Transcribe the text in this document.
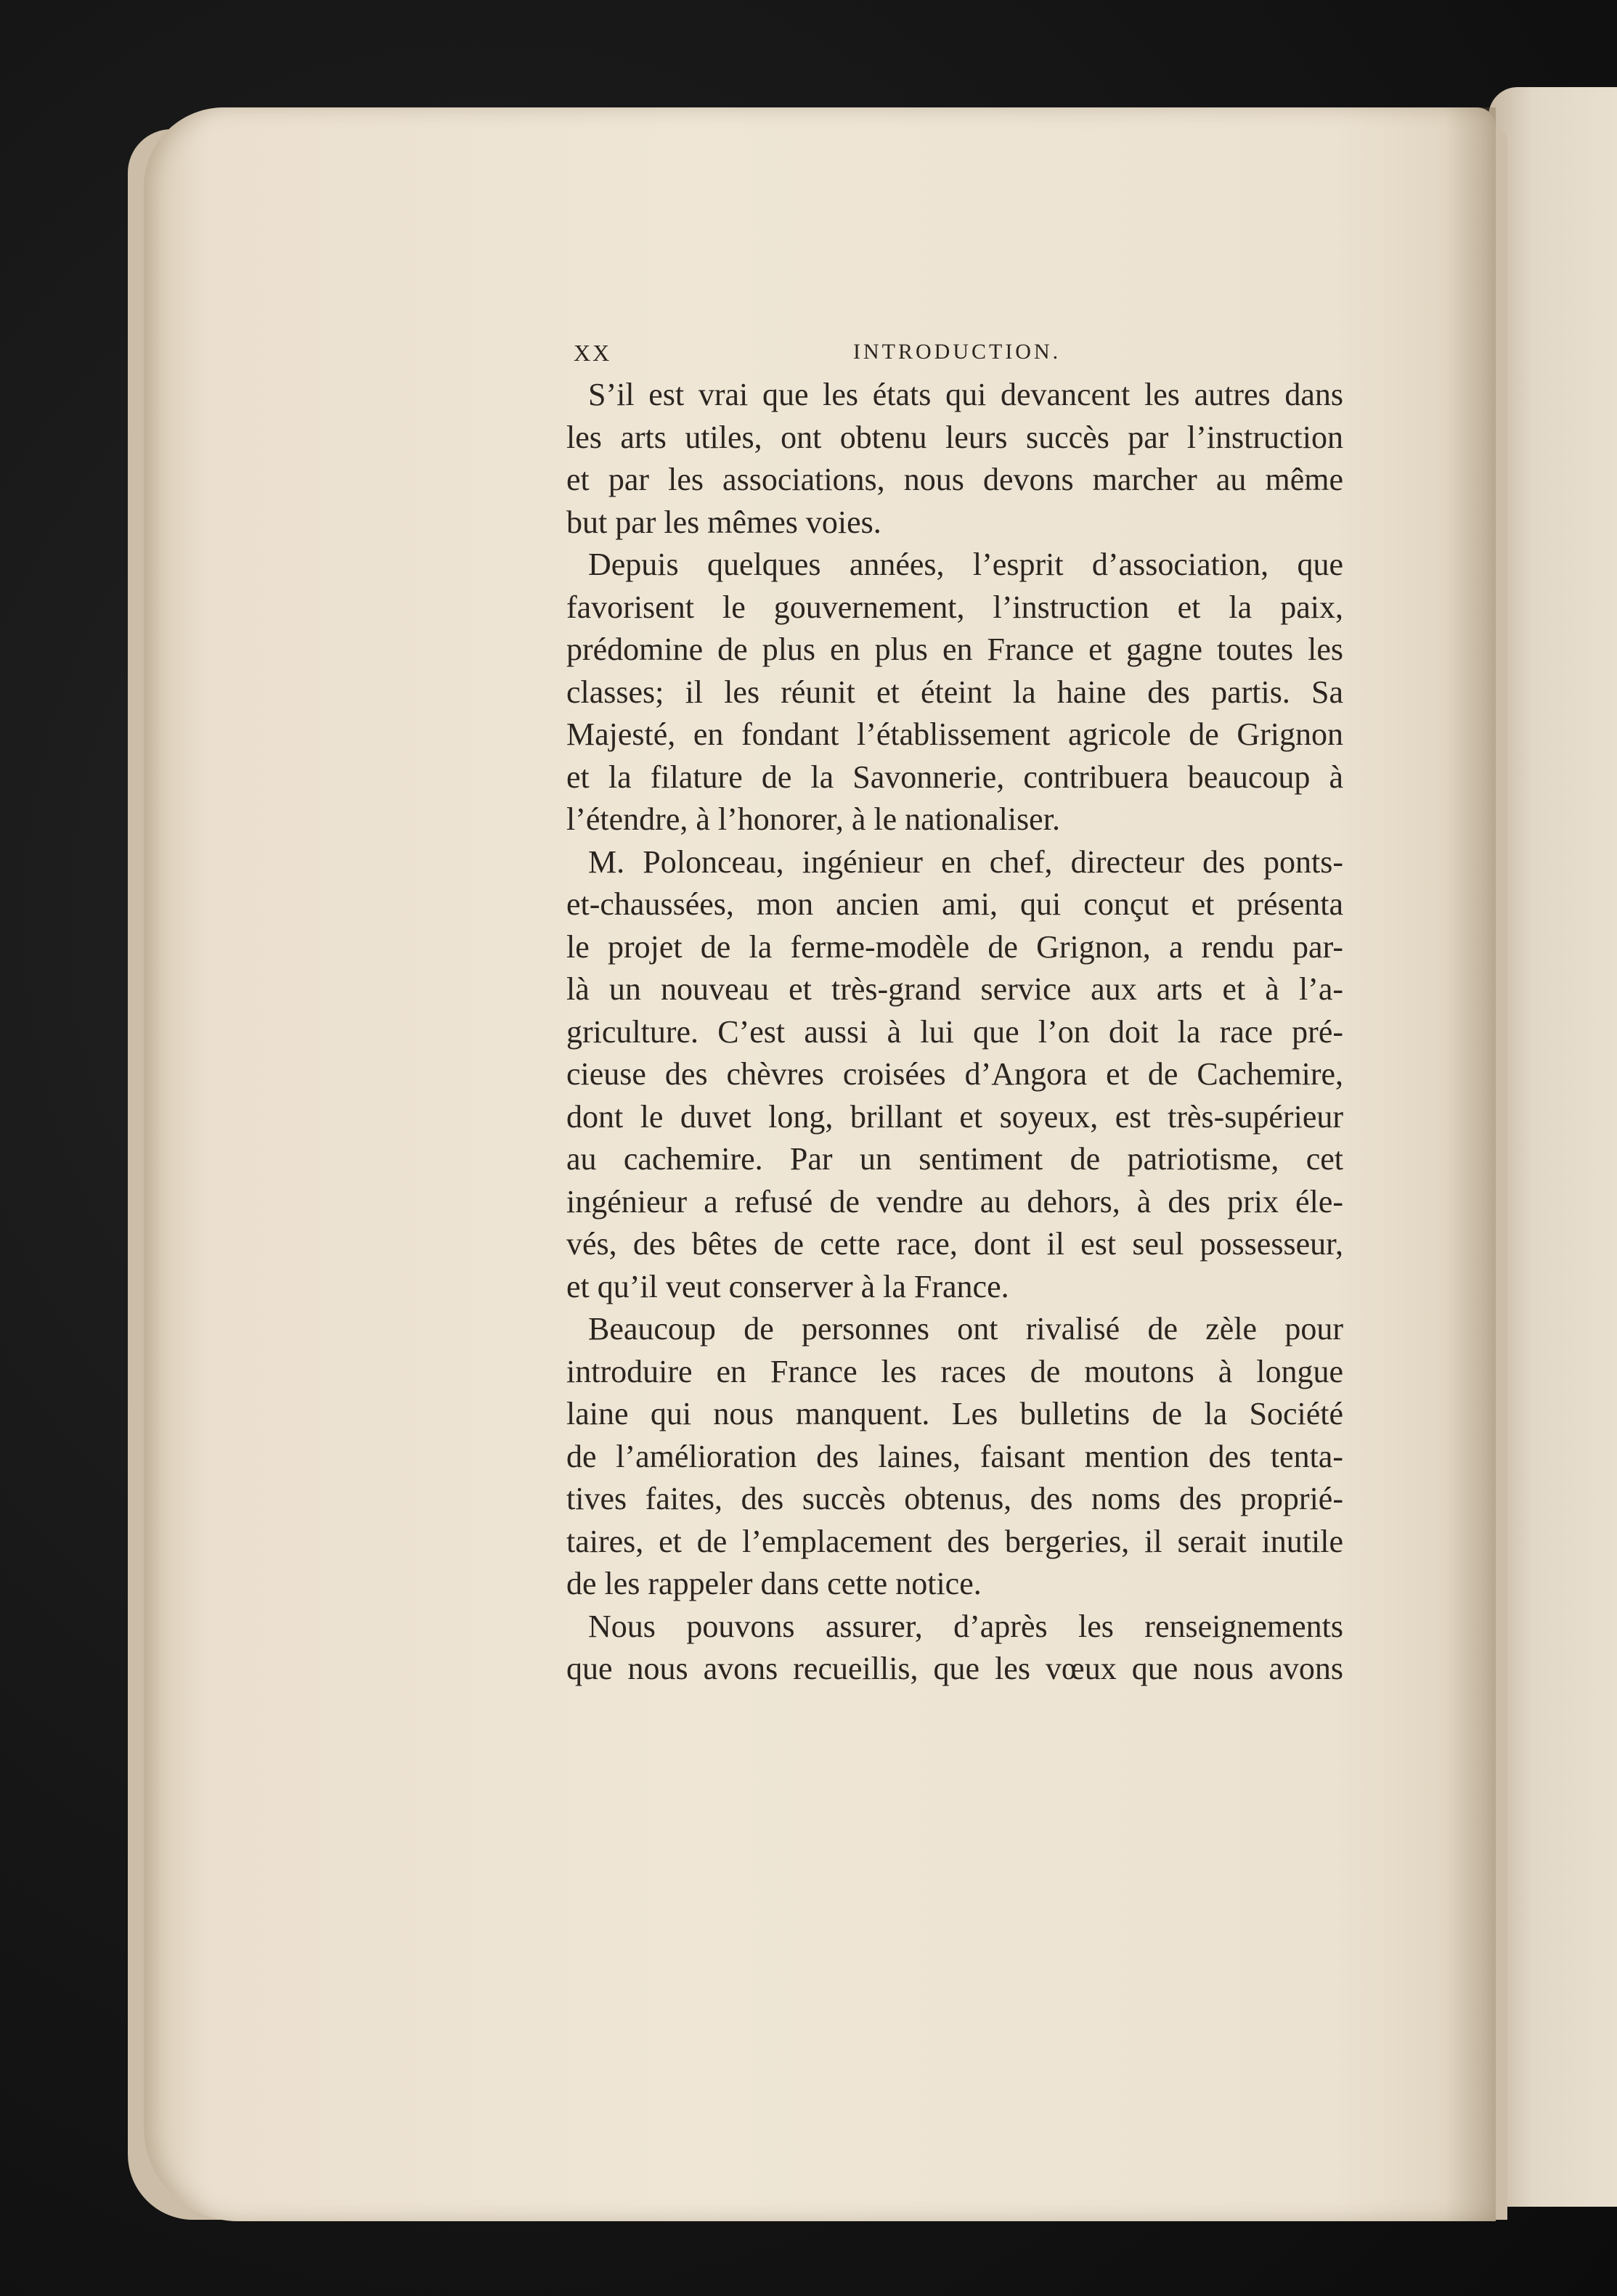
XX	INTRODUCTION.
S’il est vrai que les états qui devancent les autres dans
les arts utiles, ont obtenu leurs succès par l’instruction
et par les associations, nous devons marcher au même
but par les mêmes voies.
Depuis quelques années, l’esprit d’association, que
favorisent le gouvernement, l’instruction et la paix,
prédomine de plus en plus en France et gagne toutes les
classes; il les réunit et éteint la haine des partis. Sa
Majesté, en fondant l’établissement agricole de Grignon
et la filature de la Savonnerie, contribuera beaucoup à
l’étendre, à l’honorer, à le nationaliser.
M. Polonceau, ingénieur en chef, directeur des ponts-
et-chaussées, mon ancien ami, qui conçut et présenta
le projet de la ferme-modèle de Grignon, a rendu par-
là un nouveau et très-grand service aux arts et à l’a-
griculture. C’est aussi à lui que l’on doit la race pré-
cieuse des chèvres croisées d’Angora et de Cachemire,
dont le duvet long, brillant et soyeux, est très-supérieur
au cachemire. Par un sentiment de patriotisme, cet
ingénieur a refusé de vendre au dehors, à des prix éle-
vés, des bêtes de cette race, dont il est seul possesseur,
et qu’il veut conserver à la France.
Beaucoup de personnes ont rivalisé de zèle pour
introduire en France les races de moutons à longue
laine qui nous manquent. Les bulletins de la Société
de l’amélioration des laines, faisant mention des tenta-
tives faites, des succès obtenus, des noms des proprié-
taires, et de l’emplacement des bergeries, il serait inutile
de les rappeler dans cette notice.
Nous pouvons assurer, d’après les renseignements
que nous avons recueillis, que les vœux que nous avons
